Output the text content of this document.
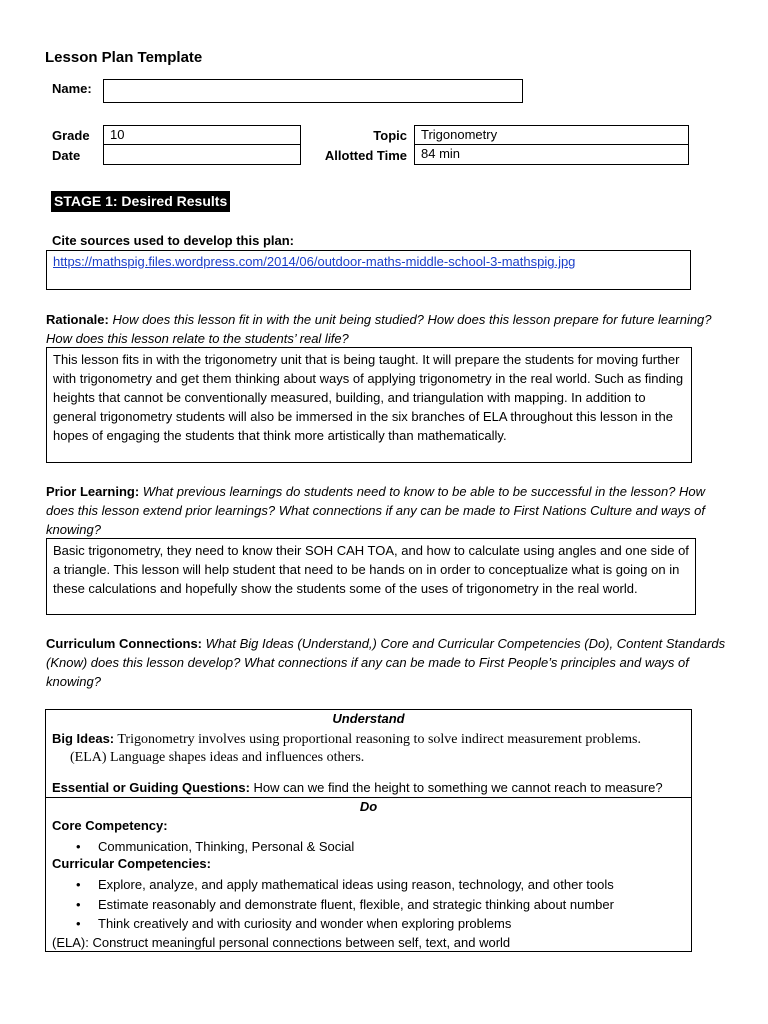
Lesson Plan Template
Name:
Grade
Date
10	Topic
Allotted Time
Trigonometry
84 min
STAGE 1: Desired Results
Cite sources used to develop this plan:
https://mathspig.files.wordpress.com/2014/06/outdoor-maths-middle-school-3-mathspig.jpg
Rationale: How does this lesson fit in with the unit being studied? How does this lesson prepare for future learning? How does this lesson relate to the students’ real life?
This lesson fits in with the trigonometry unit that is being taught. It will prepare the students for moving further with trigonometry and get them thinking about ways of applying trigonometry in the real world. Such as finding heights that cannot be conventionally measured, building, and triangulation with mapping. In addition to general trigonometry students will also be immersed in the six branches of ELA throughout this lesson in the hopes of engaging the students that think more artistically than mathematically.
Prior Learning: What previous learnings do students need to know to be able to be successful in the lesson? How does this lesson extend prior learnings? What connections if any can be made to First Nations Culture and ways of knowing?
Basic trigonometry, they need to know their SOH CAH TOA, and how to calculate using angles and one side of a triangle. This lesson will help student that need to be hands on in order to conceptualize what is going on in these calculations and hopefully show the students some of the uses of trigonometry in the real world.
Curriculum Connections: What Big Ideas (Understand,) Core and Curricular Competencies (Do), Content Standards (Know) does this lesson develop? What connections if any can be made to First People’s principles and ways of knowing?
Understand
Big Ideas: Trigonometry involves using proportional reasoning to solve indirect measurement problems.
(ELA) Language shapes ideas and influences others.
Essential or Guiding Questions: How can we find the height to something we cannot reach to measure?
Do
Core Competency:
• Communication, Thinking, Personal & Social
Curricular Competencies:
• Explore, analyze, and apply mathematical ideas using reason, technology, and other tools
• Estimate reasonably and demonstrate fluent, flexible, and strategic thinking about number
• Think creatively and with curiosity and wonder when exploring problems
(ELA): Construct meaningful personal connections between self, text, and world
